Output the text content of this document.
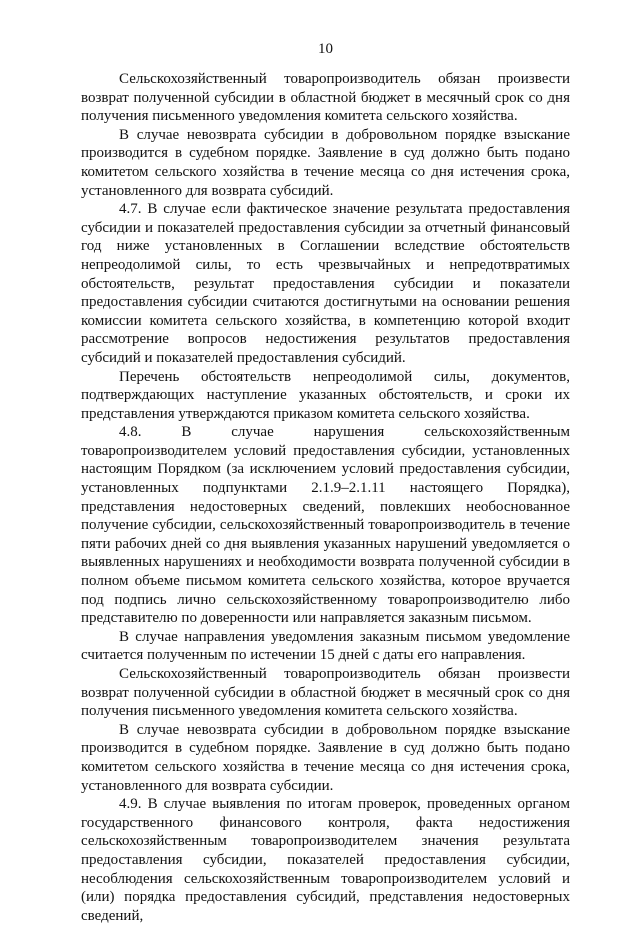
10

Сельскохозяйственный товаропроизводитель обязан произвести возврат полученной субсидии в областной бюджет в месячный срок со дня получения письменного уведомления комитета сельского хозяйства.

В случае невозврата субсидии в добровольном порядке взыскание производится в судебном порядке. Заявление в суд должно быть подано комитетом сельского хозяйства в течение месяца со дня истечения срока, установленного для возврата субсидий.

4.7. В случае если фактическое значение результата предоставления субсидии и показателей предоставления субсидии за отчетный финансовый год ниже установленных в Соглашении вследствие обстоятельств непреодолимой силы, то есть чрезвычайных и непредотвратимых обстоятельств, результат предоставления субсидии и показатели предоставления субсидии считаются достигнутыми на основании решения комиссии комитета сельского хозяйства, в компетенцию которой входит рассмотрение вопросов недостижения результатов предоставления субсидий и показателей предоставления субсидий.

Перечень обстоятельств непреодолимой силы, документов, подтверждающих наступление указанных обстоятельств, и сроки их представления утверждаются приказом комитета сельского хозяйства.

4.8. В случае нарушения сельскохозяйственным товаропроизводителем условий предоставления субсидии, установленных настоящим Порядком (за исключением условий предоставления субсидии, установленных подпунктами 2.1.9–2.1.11 настоящего Порядка), представления недостоверных сведений, повлекших необоснованное получение субсидии, сельскохозяйственный товаропроизводитель в течение пяти рабочих дней со дня выявления указанных нарушений уведомляется о выявленных нарушениях и необходимости возврата полученной субсидии в полном объеме письмом комитета сельского хозяйства, которое вручается под подпись лично сельскохозяйственному товаропроизводителю либо представителю по доверенности или направляется заказным письмом.

В случае направления уведомления заказным письмом уведомление считается полученным по истечении 15 дней с даты его направления.

Сельскохозяйственный товаропроизводитель обязан произвести возврат полученной субсидии в областной бюджет в месячный срок со дня получения письменного уведомления комитета сельского хозяйства.

В случае невозврата субсидии в добровольном порядке взыскание производится в судебном порядке. Заявление в суд должно быть подано комитетом сельского хозяйства в течение месяца со дня истечения срока, установленного для возврата субсидии.

4.9. В случае выявления по итогам проверок, проведенных органом государственного финансового контроля, факта недостижения сельскохозяйственным товаропроизводителем значения результата предоставления субсидии, показателей предоставления субсидии, несоблюдения сельскохозяйственным товаропроизводителем условий и (или) порядка предоставления субсидий, представления недостоверных сведений,
